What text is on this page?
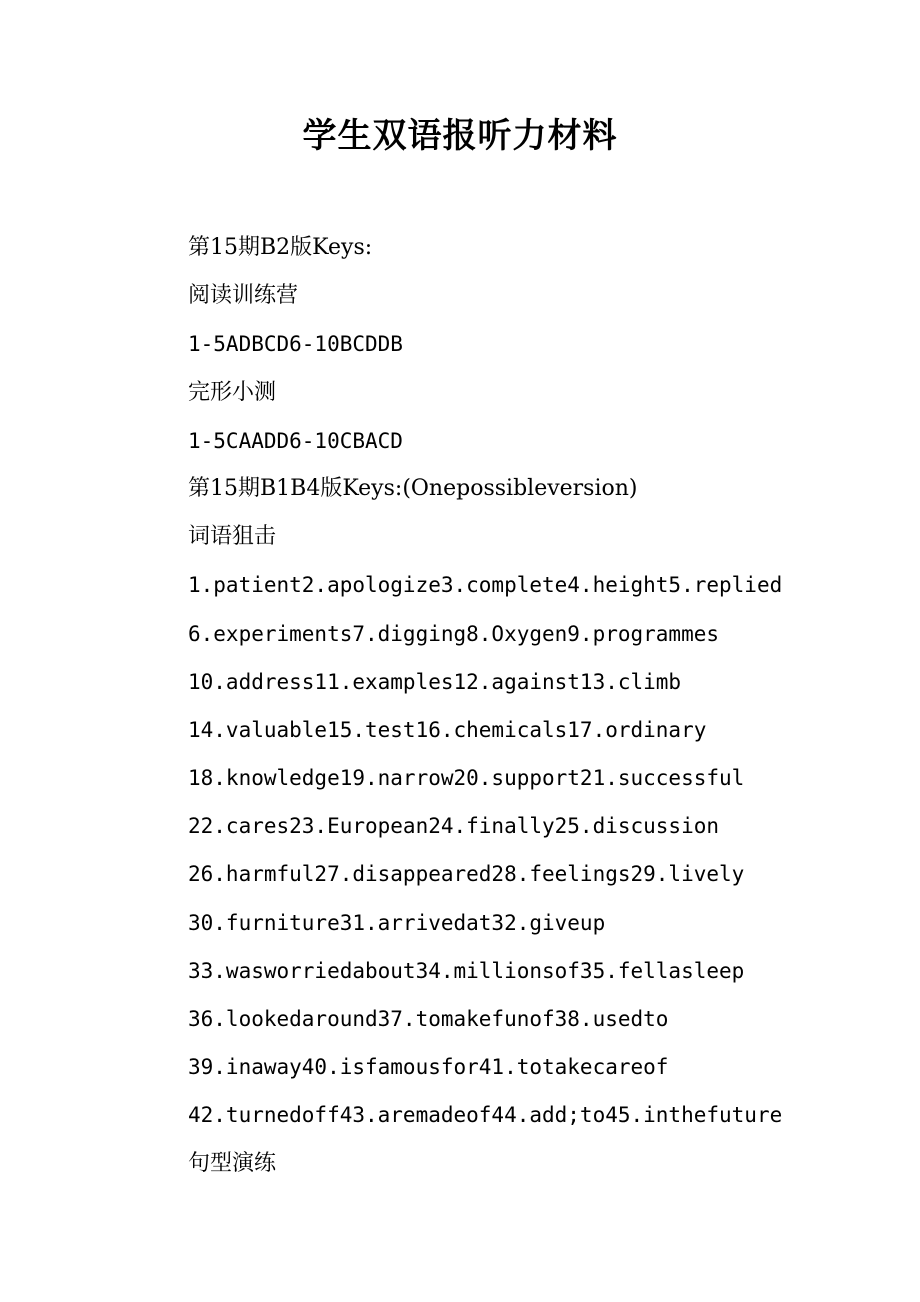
学生双语报听力材料
第15期B2版Keys:
阅读训练营
1-5ADBCD6-10BCDDB
完形小测
1-5CAADD6-10CBACD
第15期B1B4版Keys:(Onepossibleversion)
词语狙击
1.patient2.apologize3.complete4.height5.replied
6.experiments7.digging8.Oxygen9.programmes
10.address11.examples12.against13.climb
14.valuable15.test16.chemicals17.ordinary
18.knowledge19.narrow20.support21.successful
22.cares23.European24.finally25.discussion
26.harmful27.disappeared28.feelings29.lively
30.furniture31.arrivedat32.giveup
33.wasworriedabout34.millionsof35.fellasleep
36.lookedaround37.tomakefunof38.usedto
39.inaway40.isfamousfor41.totakecareof
42.turnedoff43.aremadeof44.add;to45.inthefuture
句型演练
